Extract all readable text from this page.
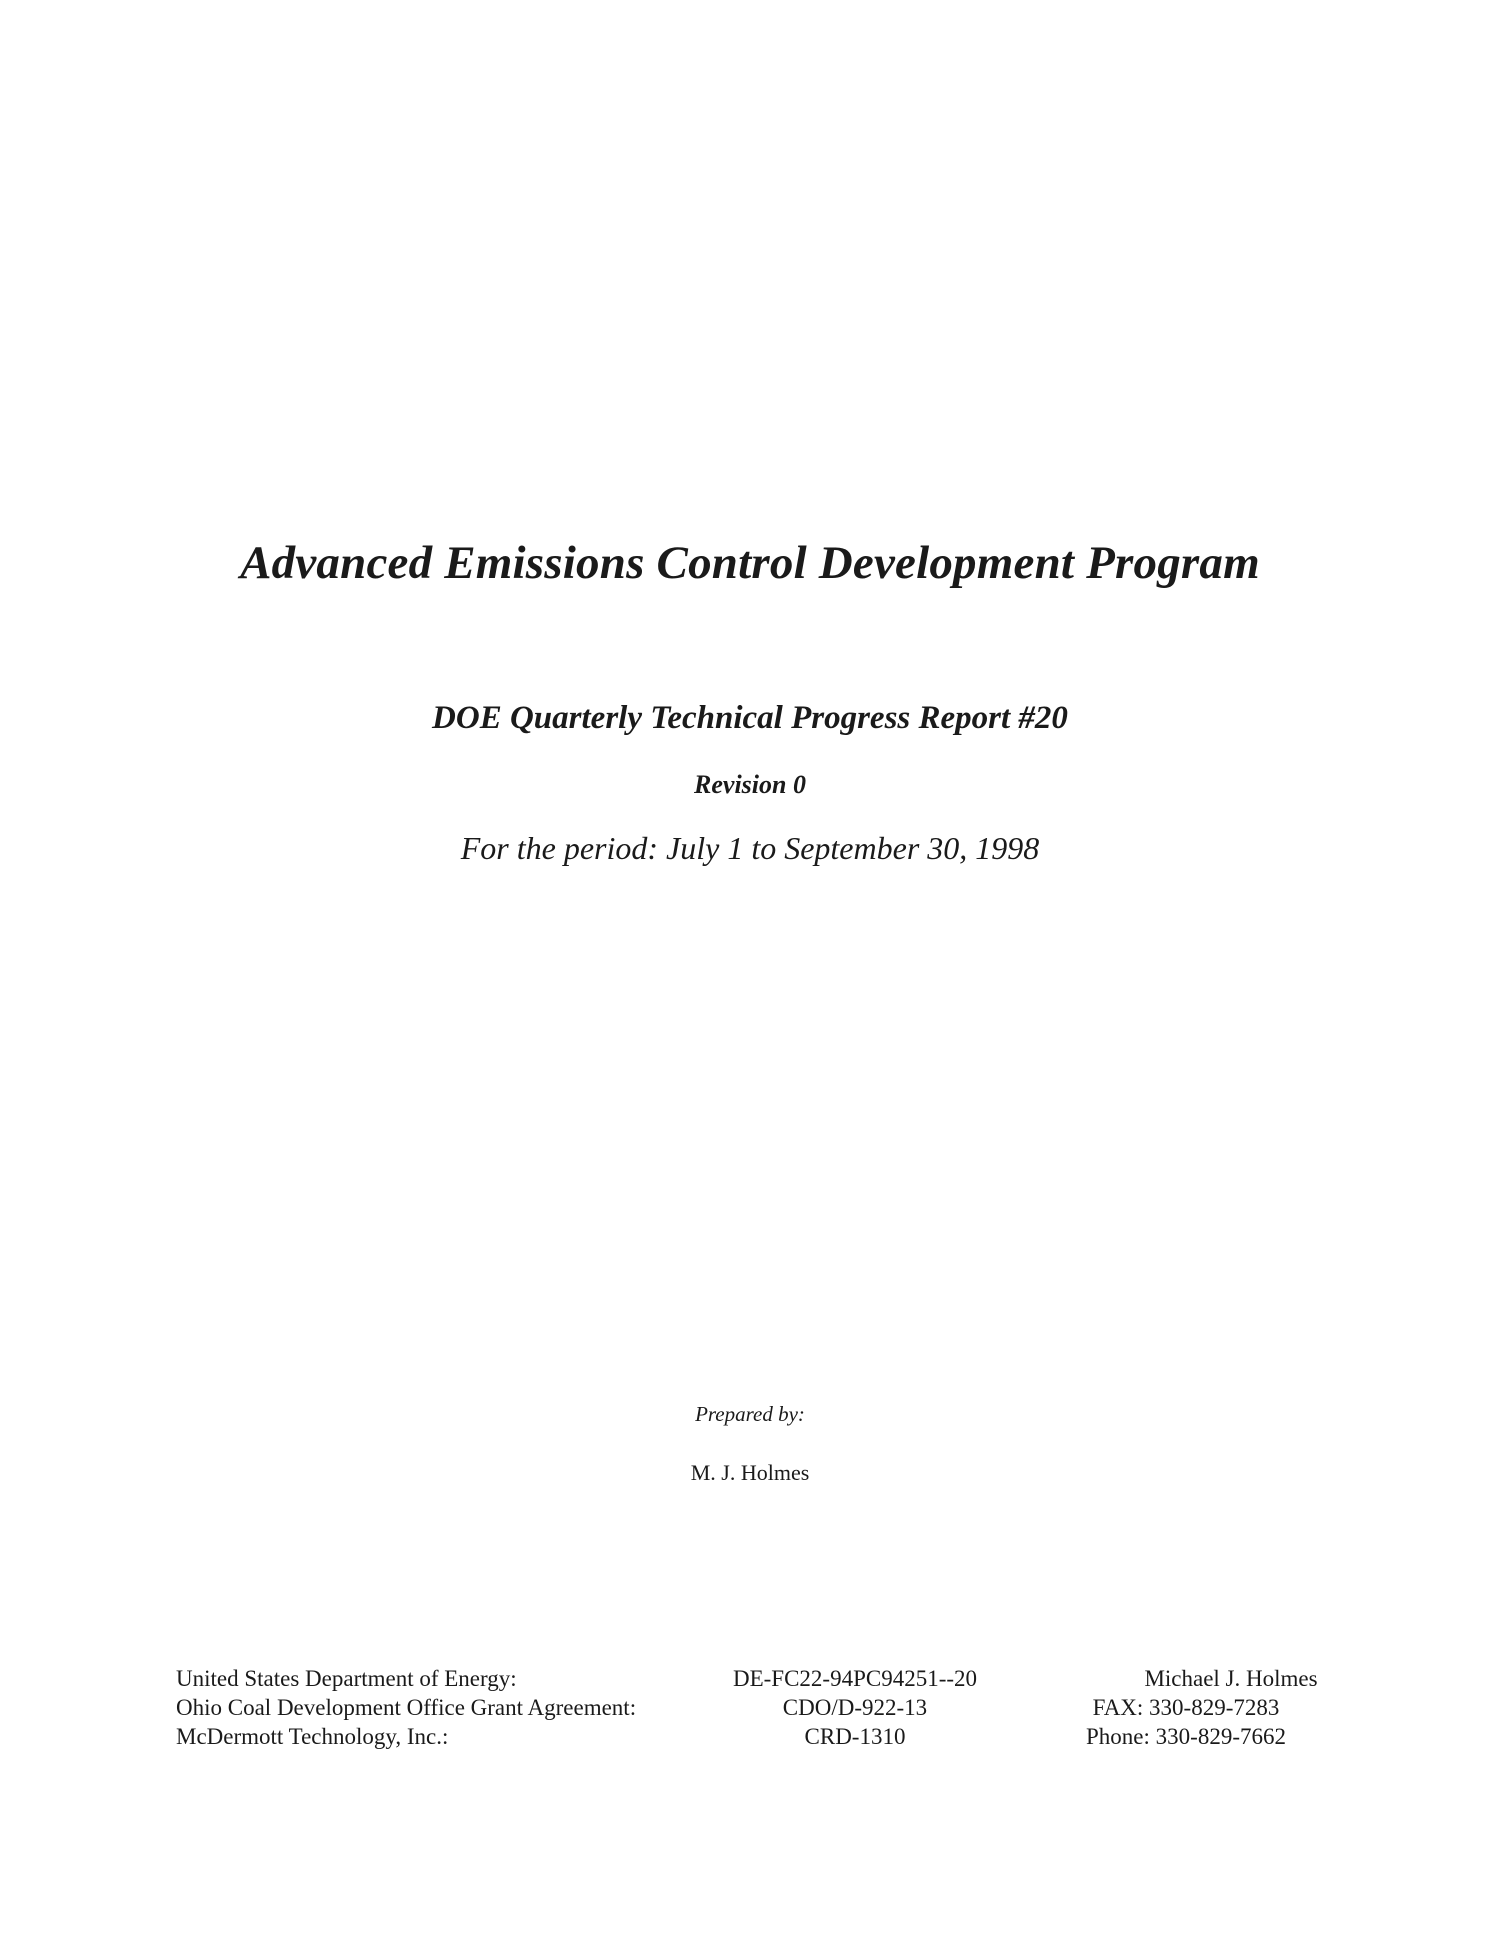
Advanced Emissions Control Development Program
DOE Quarterly Technical Progress Report #20
Revision 0
For the period: July 1 to September 30, 1998
Prepared by:
M. J. Holmes
United States Department of Energy:
Ohio Coal Development Office Grant Agreement:
McDermott Technology, Inc.:
DE-FC22-94PC94251--20
CDO/D-922-13
CRD-1310
Michael J. Holmes
FAX: 330-829-7283
Phone: 330-829-7662
